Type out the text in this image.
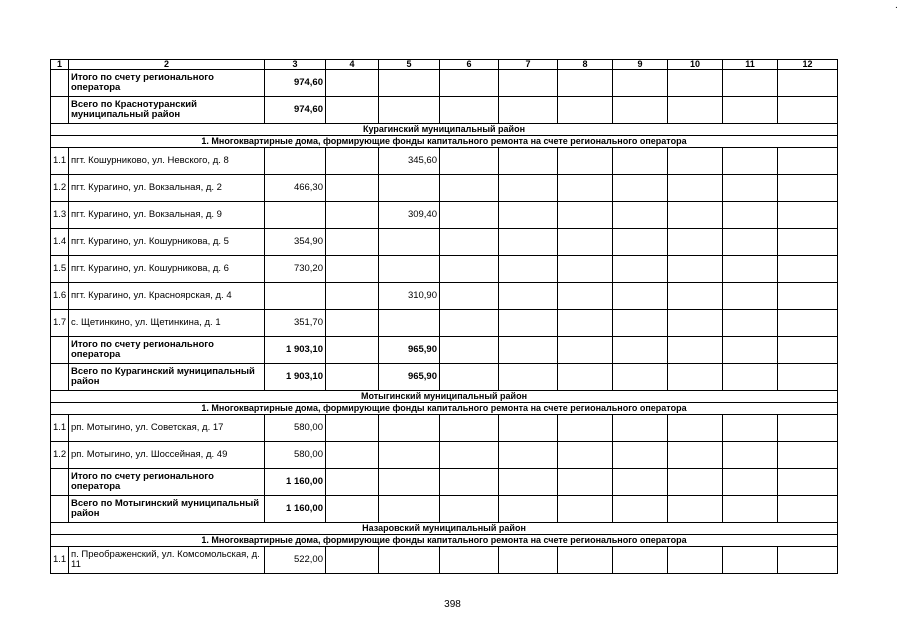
1	2	3	4	5	6	7	8	9	10	11	12
	Итого по счету регионального оператора	974,60									
	Всего по Краснотуранский муниципальный район	974,60									
Курагинский муниципальный район											
1. Многоквартирные дома, формирующие фонды капитального ремонта на счете регионального оператора											
1.1	пгт. Кошурниково, ул. Невского, д. 8			345,60							
1.2	пгт. Курагино, ул. Вокзальная, д. 2	466,30									
1.3	пгт. Курагино, ул. Вокзальная, д. 9			309,40							
1.4	пгт. Курагино, ул. Кошурникова, д. 5	354,90									
1.5	пгт. Курагино, ул. Кошурникова, д. 6	730,20									
1.6	пгт. Курагино, ул. Красноярская, д. 4			310,90							
1.7	с. Щетинкино, ул. Щетинкина, д. 1	351,70									
	Итого по счету регионального оператора	1 903,10		965,90							
	Всего по Курагинский муниципальный район	1 903,10		965,90							
Мотыгинский муниципальный район											
1. Многоквартирные дома, формирующие фонды капитального ремонта на счете регионального оператора											
1.1	рп. Мотыгино, ул. Советская, д. 17	580,00									
1.2	рп. Мотыгино, ул. Шоссейная, д. 49	580,00									
	Итого по счету регионального оператора	1 160,00									
	Всего по Мотыгинский муниципальный район	1 160,00									
Назаровский муниципальный район											
1. Многоквартирные дома, формирующие фонды капитального ремонта на счете регионального оператора											
1.1	п. Преображенский, ул. Комсомольская, д. 11	522,00									
398
.
